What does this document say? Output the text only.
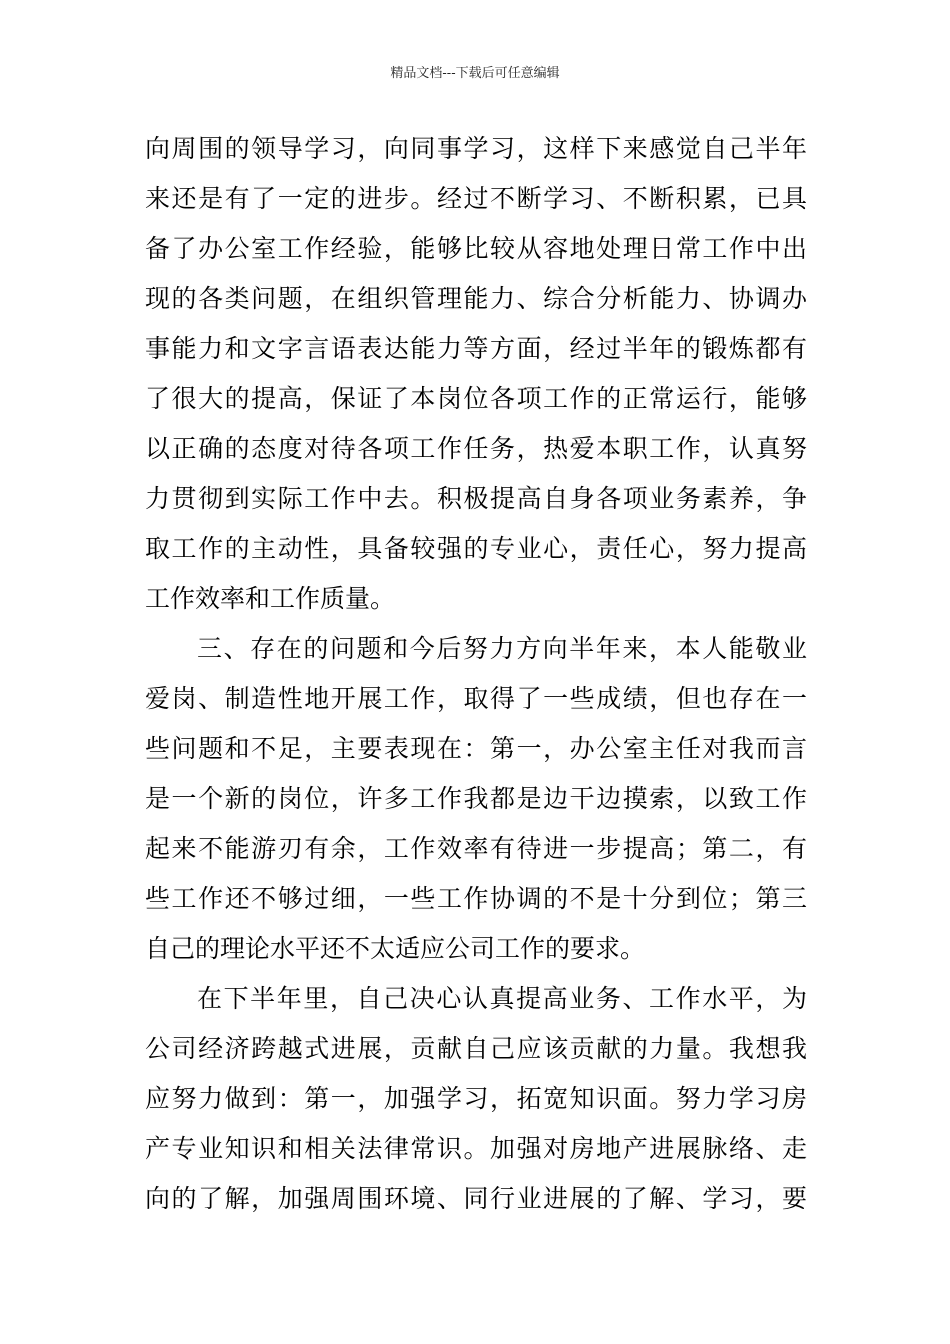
精品文档---下载后可任意编辑
向周围的领导学习，向同事学习，这样下来感觉自己半年
来还是有了一定的进步。经过不断学习、不断积累，已具
备了办公室工作经验，能够比较从容地处理日常工作中出
现的各类问题，在组织管理能力、综合分析能力、协调办
事能力和文字言语表达能力等方面，经过半年的锻炼都有
了很大的提高，保证了本岗位各项工作的正常运行，能够
以正确的态度对待各项工作任务，热爱本职工作，认真努
力贯彻到实际工作中去。积极提高自身各项业务素养，争
取工作的主动性，具备较强的专业心，责任心，努力提高
工作效率和工作质量。
三、存在的问题和今后努力方向半年来，本人能敬业
爱岗、制造性地开展工作，取得了一些成绩，但也存在一
些问题和不足，主要表现在：第一，办公室主任对我而言
是一个新的岗位，许多工作我都是边干边摸索，以致工作
起来不能游刃有余，工作效率有待进一步提高；第二，有
些工作还不够过细，一些工作协调的不是十分到位；第三
自己的理论水平还不太适应公司工作的要求。
在下半年里，自己决心认真提高业务、工作水平，为
公司经济跨越式进展，贡献自己应该贡献的力量。我想我
应努力做到：第一，加强学习，拓宽知识面。努力学习房
产专业知识和相关法律常识。加强对房地产进展脉络、走
向的了解，加强周围环境、同行业进展的了解、学习，要
